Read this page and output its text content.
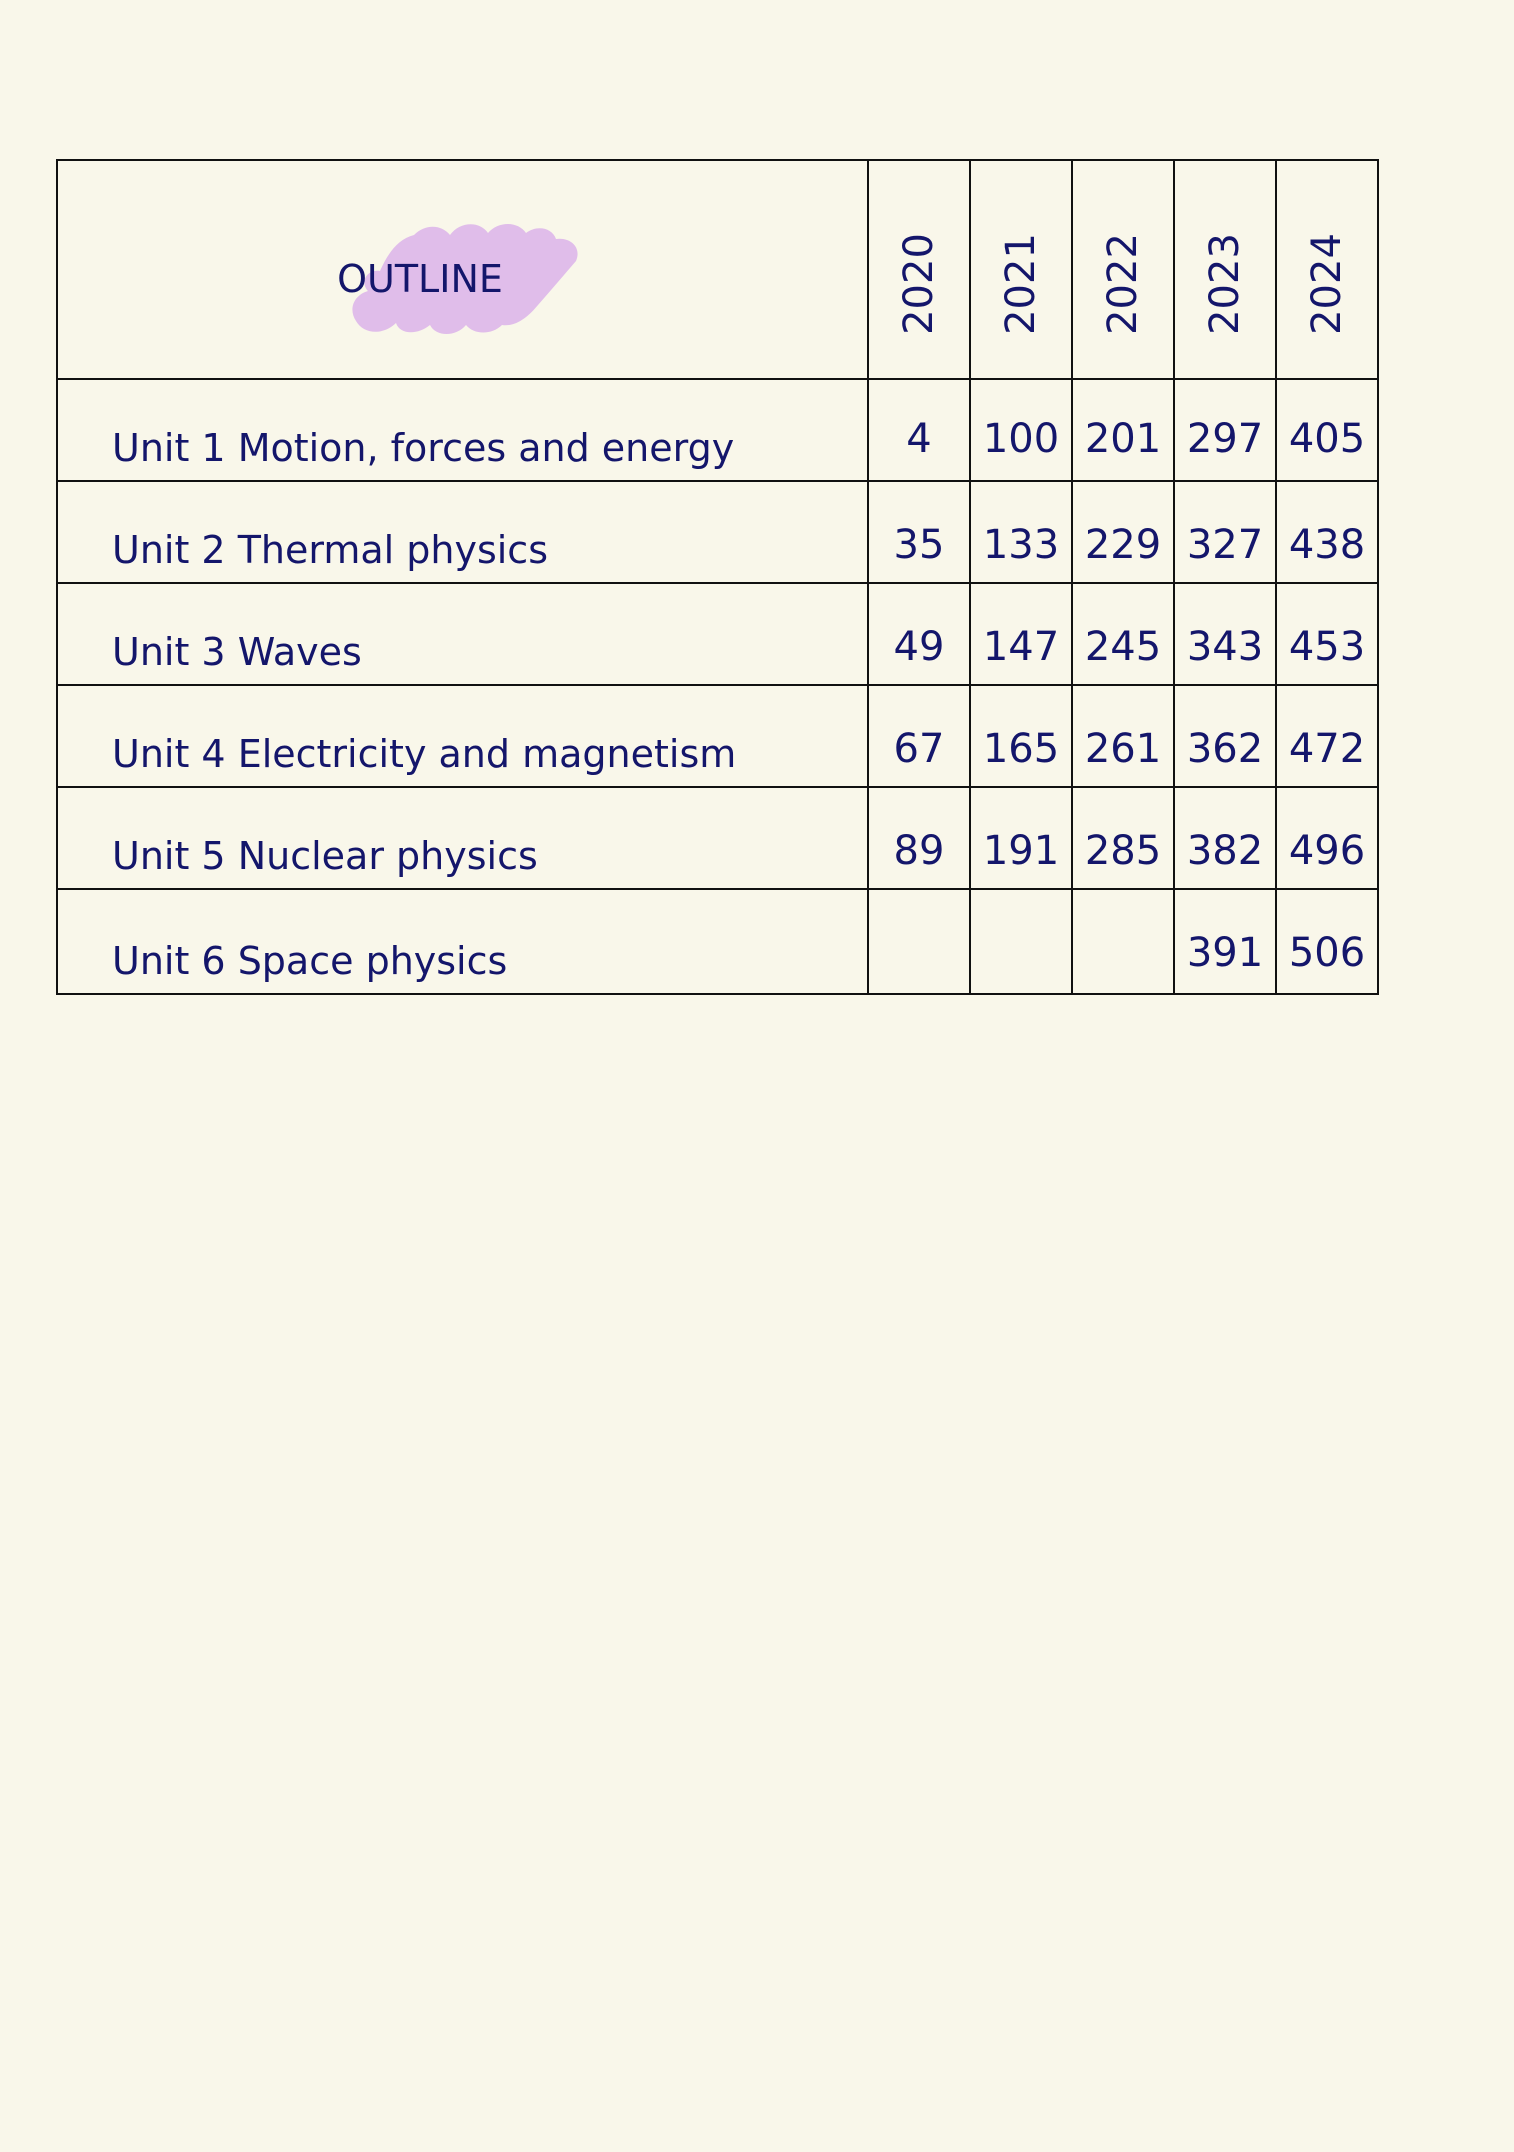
OUTLINE	2020	2021	2022	2023	2024

Unit 1 Motion, forces and energy	4	100	201	297	405

Unit 2 Thermal physics	35	133	229	327	438

Unit 3 Waves	49	147	245	343	453

Unit 4 Electricity and magnetism	67	165	261	362	472

Unit 5 Nuclear physics	89	191	285	382	496

Unit 6 Space physics				391	506
